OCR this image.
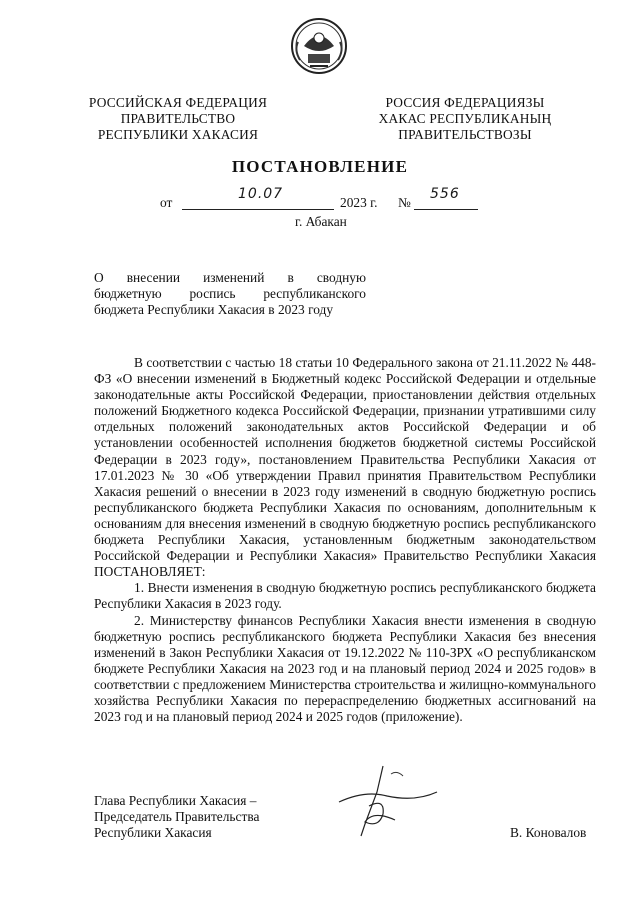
РОССИЙСКАЯ ФЕДЕРАЦИЯ
ПРАВИТЕЛЬСТВО
РЕСПУБЛИКИ ХАКАСИЯ
РОССИЯ ФЕДЕРАЦИЯЗЫ
ХАКАС РЕСПУБЛИКАНЫҢ
ПРАВИТЕЛЬСТВОЗЫ
ПОСТАНОВЛЕНИЕ
от
10.07
2023 г. №
556
г. Абакан
О внесении изменений в сводную
бюджетную роспись республиканского
бюджета Республики Хакасия в 2023 году

В соответствии с частью 18 статьи 10 Федерального закона от 21.11.2022 № 448-ФЗ «О внесении изменений в Бюджетный кодекс Российской Федерации и отдельные законодательные акты Российской Федерации, приостановлении действия отдельных положений Бюджетного кодекса Российской Федерации, признании утратившими силу отдельных положений законодательных актов Российской Федерации и об установлении особенностей исполнения бюджетов бюджетной системы Российской Федерации в 2023 году», постановлением Правительства Республики Хакасия от 17.01.2023 № 30 «Об утверждении Правил принятия Правительством Республики Хакасия решений о внесении в 2023 году изменений в сводную бюджетную роспись республиканского бюджета Республики Хакасия по основаниям, дополнительным к основаниям для внесения изменений в сводную бюджетную роспись республиканского бюджета Республики Хакасия, установленным бюджетным законодательством Российской Федерации и Республики Хакасия» Правительство Республики Хакасия ПОСТАНОВЛЯЕТ:

1. Внести изменения в сводную бюджетную роспись республиканского бюджета Республики Хакасия в 2023 году.

2. Министерству финансов Республики Хакасия внести изменения в сводную бюджетную роспись республиканского бюджета Республики Хакасия без внесения изменений в Закон Республики Хакасия от 19.12.2022 № 110-ЗРХ «О республиканском бюджете Республики Хакасия на 2023 год и на плановый период 2024 и 2025 годов» в соответствии с предложением Министерства строительства и жилищно-коммунального хозяйства Республики Хакасия по перераспределению бюджетных ассигнований на 2023 год и на плановый период 2024 и 2025 годов (приложение).

Глава Республики Хакасия –
Председатель Правительства
Республики Хакасия	В. Коновалов
